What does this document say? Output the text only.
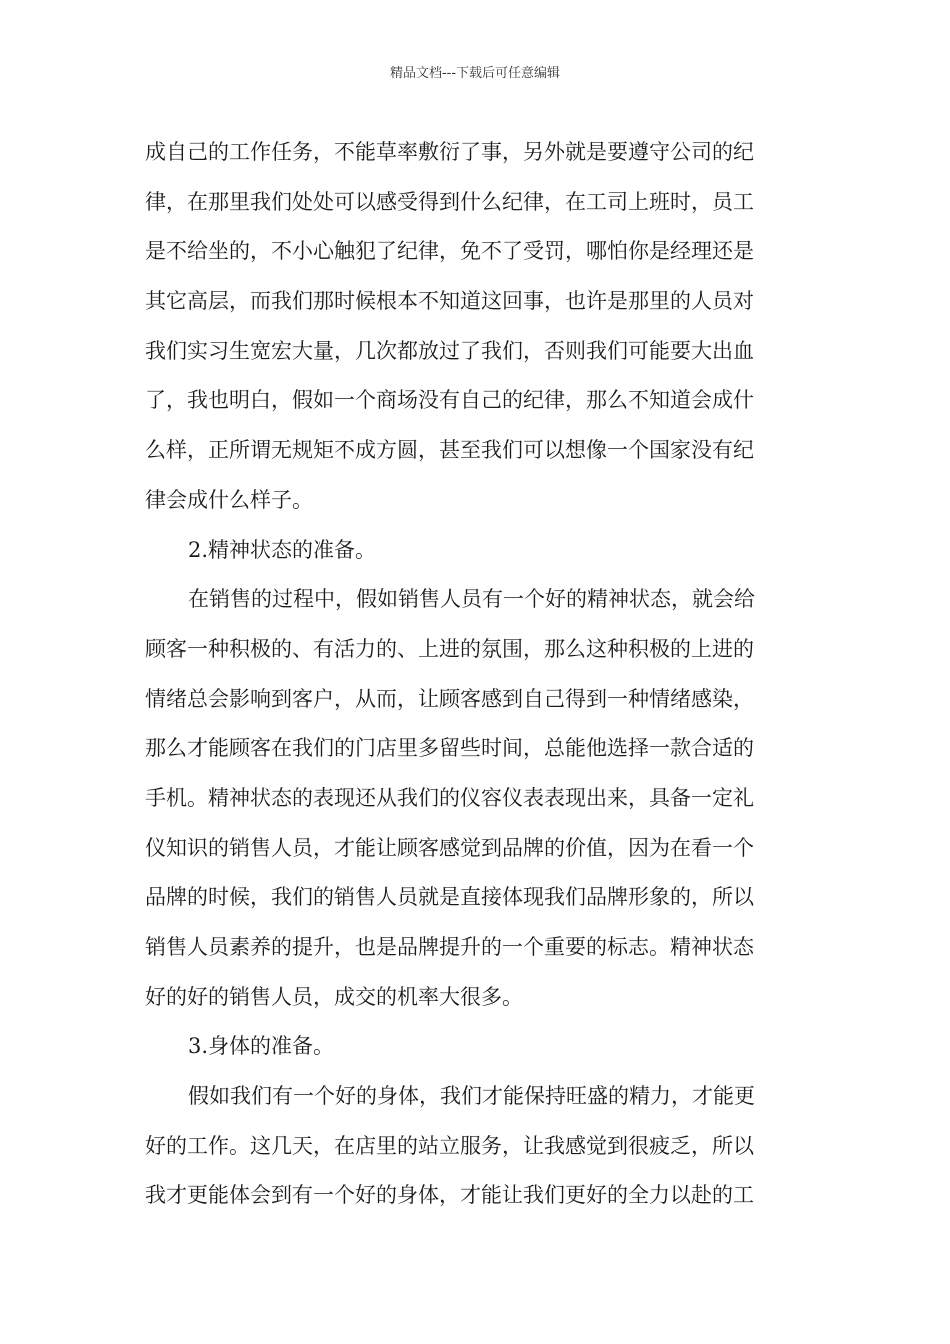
精品文档---下载后可任意编辑
成自己的工作任务，不能草率敷衍了事，另外就是要遵守公司的纪
律，在那里我们处处可以感受得到什么纪律，在工司上班时，员工
是不给坐的，不小心触犯了纪律，免不了受罚，哪怕你是经理还是
其它高层，而我们那时候根本不知道这回事，也许是那里的人员对
我们实习生宽宏大量，几次都放过了我们，否则我们可能要大出血
了，我也明白，假如一个商场没有自己的纪律，那么不知道会成什
么样，正所谓无规矩不成方圆，甚至我们可以想像一个国家没有纪
律会成什么样子。
2.精神状态的准备。
在销售的过程中，假如销售人员有一个好的精神状态，就会给
顾客一种积极的、有活力的、上进的氛围，那么这种积极的上进的
情绪总会影响到客户，从而，让顾客感到自己得到一种情绪感染，
那么才能顾客在我们的门店里多留些时间，总能他选择一款合适的
手机。精神状态的表现还从我们的仪容仪表表现出来，具备一定礼
仪知识的销售人员，才能让顾客感觉到品牌的价值，因为在看一个
品牌的时候，我们的销售人员就是直接体现我们品牌形象的，所以
销售人员素养的提升，也是品牌提升的一个重要的标志。精神状态
好的好的销售人员，成交的机率大很多。
3.身体的准备。
假如我们有一个好的身体，我们才能保持旺盛的精力，才能更
好的工作。这几天，在店里的站立服务，让我感觉到很疲乏，所以
我才更能体会到有一个好的身体，才能让我们更好的全力以赴的工
